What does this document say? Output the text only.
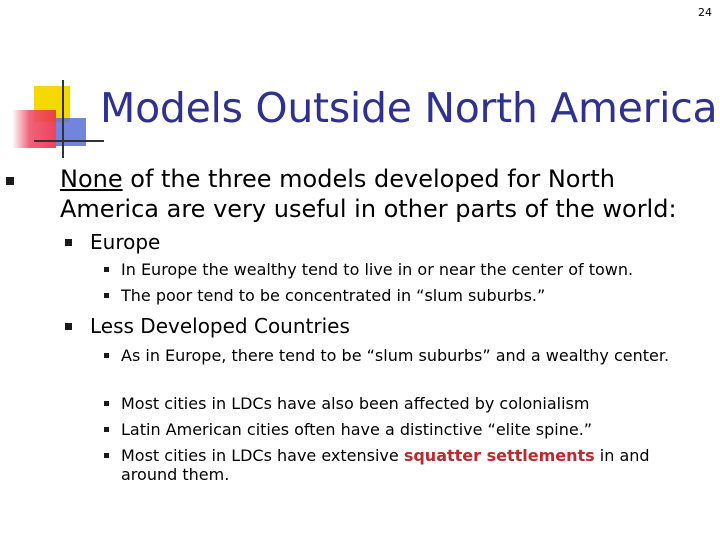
24
Models Outside North America
None of the three models developed for North America are very useful in other parts of the world:
Europe
In Europe the wealthy tend to live in or near the center of town.
The poor tend to be concentrated in “slum suburbs.”
Less Developed Countries
As in Europe, there tend to be “slum suburbs” and a wealthy center.
Most cities in LDCs have also been affected by colonialism
Latin American cities often have a distinctive “elite spine.”
Most cities in LDCs have extensive squatter settlements in and around them.
